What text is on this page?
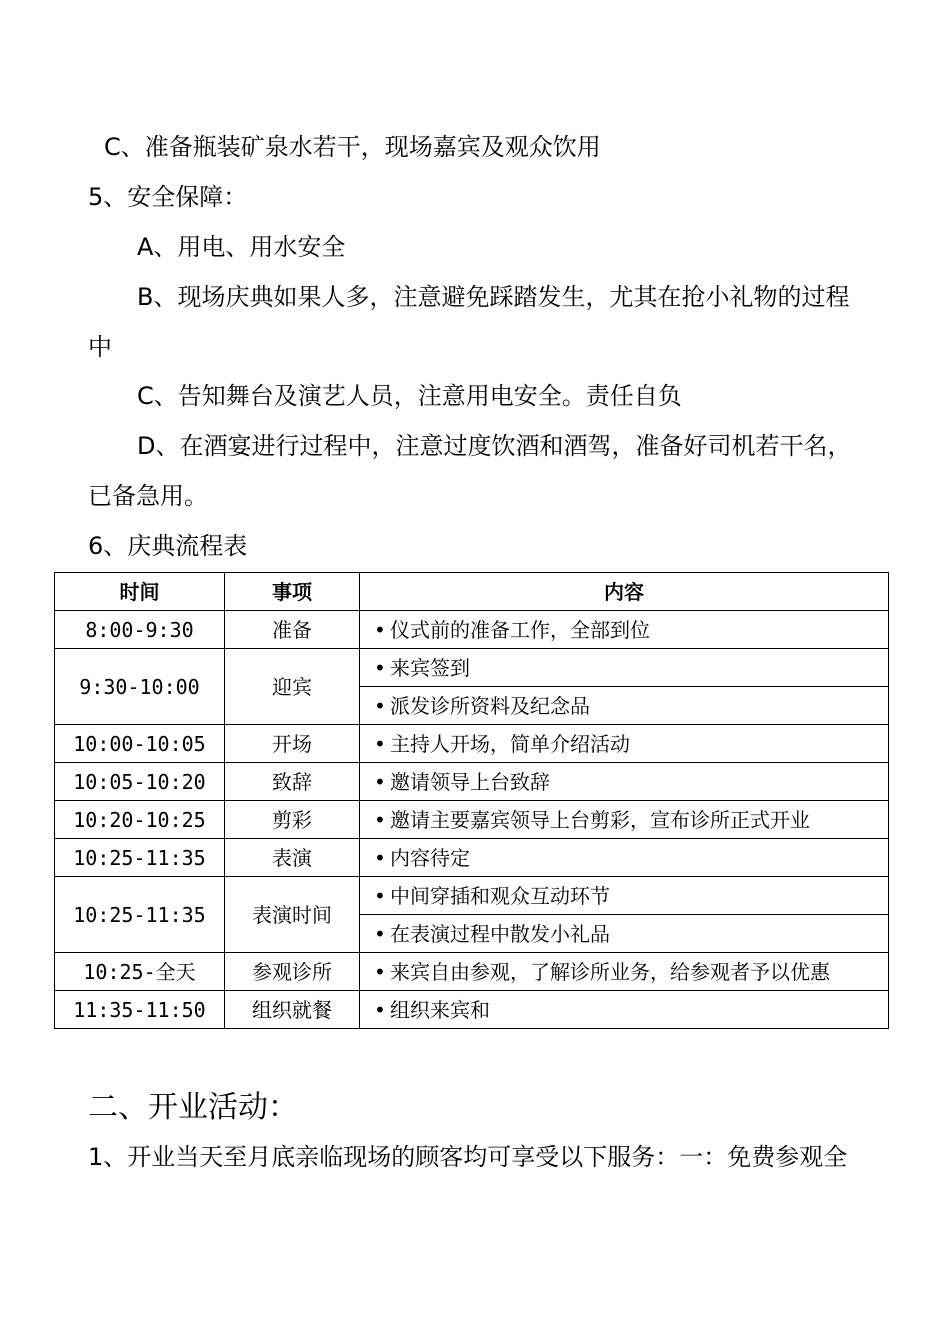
C、准备瓶装矿泉水若干，现场嘉宾及观众饮用
5、安全保障：
A、用电、用水安全
B、现场庆典如果人多，注意避免踩踏发生，尤其在抢小礼物的过程
中
C、告知舞台及演艺人员，注意用电安全。责任自负
D、在酒宴进行过程中，注意过度饮酒和酒驾，准备好司机若干名，
已备急用。
6、庆典流程表
时间	事项	内容
8:00-9:30	准备	• 仪式前的准备工作，全部到位
9:30-10:00	迎宾	• 来宾签到
		• 派发诊所资料及纪念品
10:00-10:05	开场	• 主持人开场，简单介绍活动
10:05-10:20	致辞	• 邀请领导上台致辞
10:20-10:25	剪彩	• 邀请主要嘉宾领导上台剪彩，宣布诊所正式开业
10:25-11:35	表演	• 内容待定
10:25-11:35	表演时间	• 中间穿插和观众互动环节
		• 在表演过程中散发小礼品
10:25-全天	参观诊所	• 来宾自由参观，了解诊所业务，给参观者予以优惠
11:35-11:50	组织就餐	• 组织来宾和
二、开业活动：
1、开业当天至月底亲临现场的顾客均可享受以下服务：一：免费参观全
